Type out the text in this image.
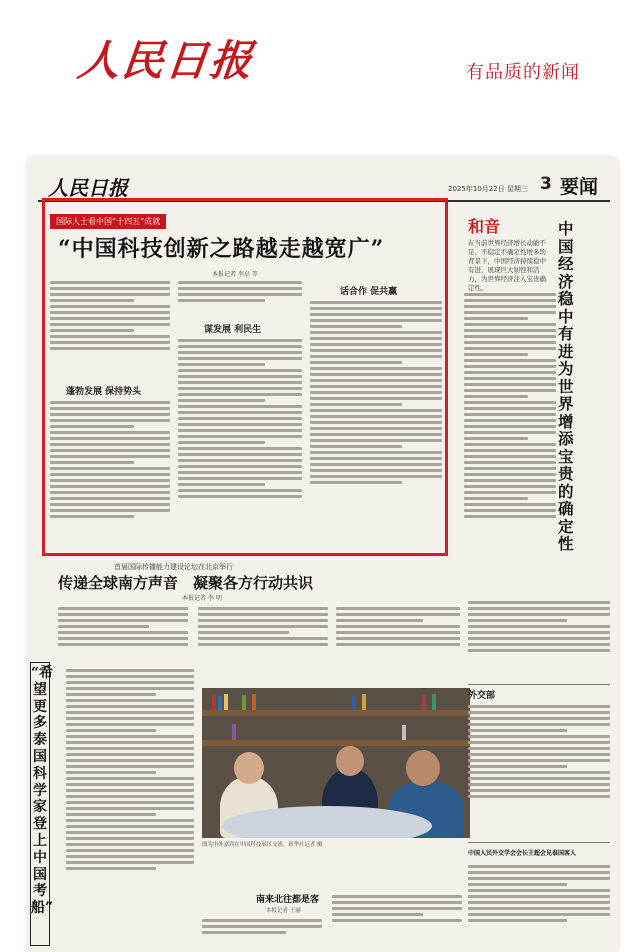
人民日报	有品质的新闻
人民日报	2025年10月22日 星期三 3 要闻
国际人士看中国“十四五”成就
“中国科技创新之路越走越宽广”
本报记者 李卓 等
蓬勃发展 保持势头
谋发展 利民生
话合作 促共赢
和音
在当前世界经济增长动能不足、不稳定不确定性增多的背景下，中国经济持续稳中有进，展现巨大韧性和活力，为世界经济注入宝贵确定性。
中国经济稳中有进为世界增添宝贵的确定性
首届国际传播能力建设论坛在北京举行
传递全球南方声音　凝聚各方行动共识
本报记者 李 明
“希望更多泰国科学家登上中国考船”
图为中外嘉宾在中国科技展区交流。新华社记者 摄
外交部
中国人民外交学会会长王超会见泰国客人
南来北往都是客
本报记者 王丽
